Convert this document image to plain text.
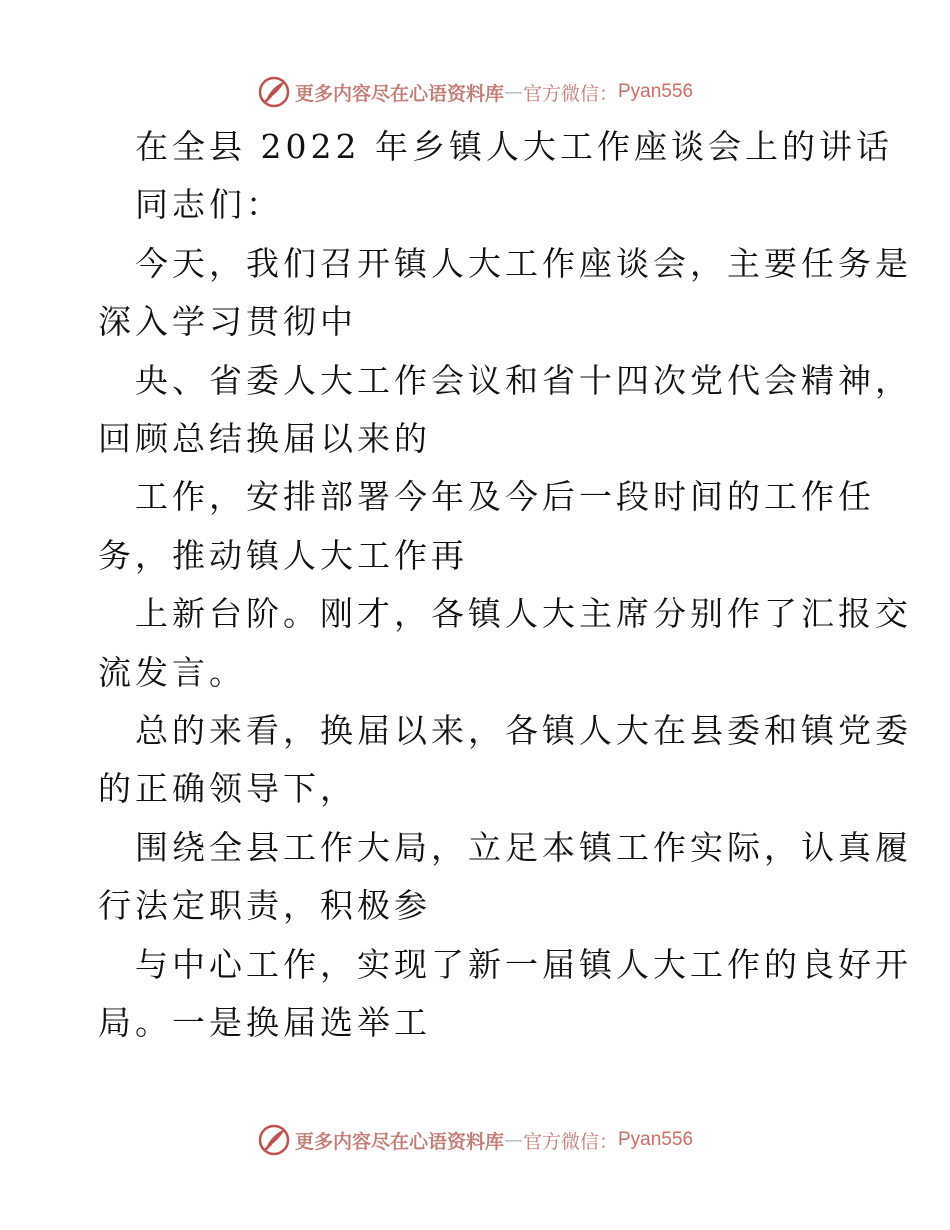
更多内容尽在心语资料库 — 官方微信： Pyan556
在全县 2022 年乡镇人大工作座谈会上的讲话
同志们：
今天，我们召开镇人大工作座谈会，主要任务是
深入学习贯彻中
央、省委人大工作会议和省十四次党代会精神，
回顾总结换届以来的
工作，安排部署今年及今后一段时间的工作任
务，推动镇人大工作再
上新台阶。刚才，各镇人大主席分别作了汇报交
流发言。
总的来看，换届以来，各镇人大在县委和镇党委
的正确领导下，
围绕全县工作大局，立足本镇工作实际，认真履
行法定职责，积极参
与中心工作，实现了新一届镇人大工作的良好开
局。一是换届选举工
更多内容尽在心语资料库 — 官方微信： Pyan556
